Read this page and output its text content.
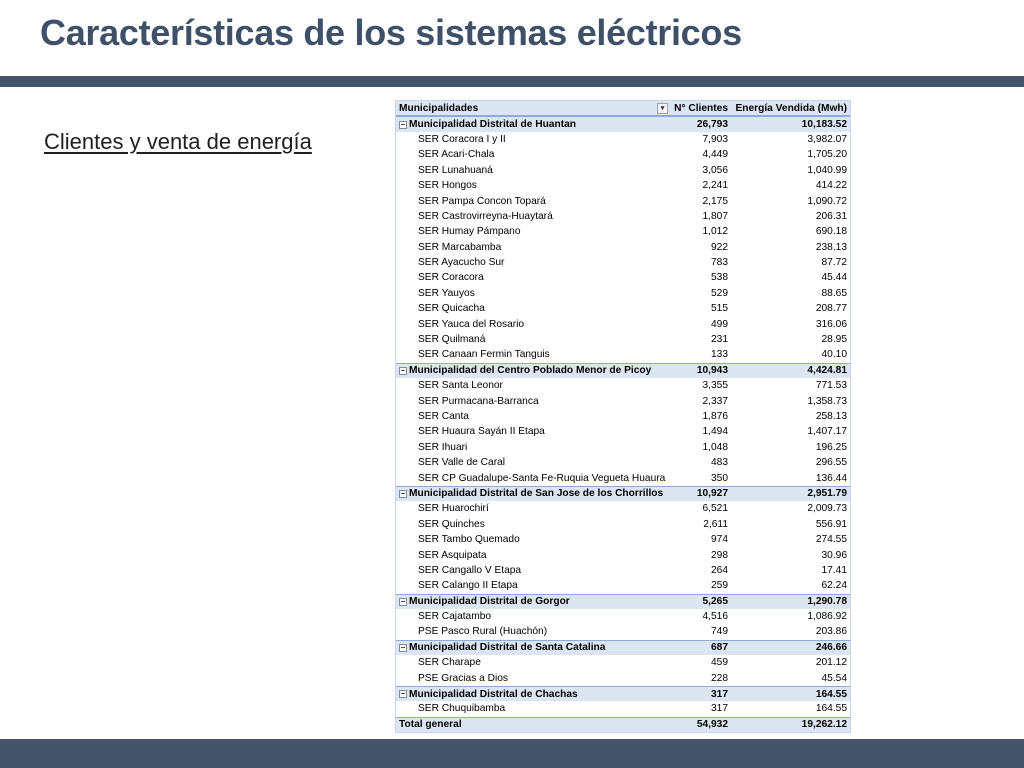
Características de los sistemas eléctricos
Clientes y venta de energía
Municipalidades	▾ N° Clientes Energía Vendida (Mwh)
− Municipalidad Distrital de Huantan	26,793	10,183.52
SER Coracora I y II	7,903	3,982.07
SER Acari-Chala	4,449	1,705.20
SER Lunahuaná	3,056	1,040.99
SER Hongos	2,241	414.22
SER Pampa Concon Topará	2,175	1,090.72
SER Castrovirreyna-Huaytará	1,807	206.31
SER Humay Pámpano	1,012	690.18
SER Marcabamba	922	238.13
SER Ayacucho Sur	783	87.72
SER Coracora	538	45.44
SER Yauyos	529	88.65
SER Quicacha	515	208.77
SER Yauca del Rosario	499	316.06
SER Quilmaná	231	28.95
SER Canaan Fermin Tanguis	133	40.10
− Municipalidad del Centro Poblado Menor de Picoy	10,943	4,424.81
SER Santa Leonor	3,355	771.53
SER Purmacana-Barranca	2,337	1,358.73
SER Canta	1,876	258.13
SER Huaura Sayán II Etapa	1,494	1,407.17
SER Ihuari	1,048	196.25
SER Valle de Caral	483	296.55
SER CP Guadalupe-Santa Fe-Ruquia Vegueta Huaura	350	136.44
− Municipalidad Distrital de San Jose de los Chorrillos	10,927	2,951.79
SER Huarochirí	6,521	2,009.73
SER Quinches	2,611	556.91
SER Tambo Quemado	974	274.55
SER Asquipata	298	30.96
SER Cangallo V Etapa	264	17.41
SER Calango II Etapa	259	62.24
− Municipalidad Distrital de Gorgor	5,265	1,290.78
SER Cajatambo	4,516	1,086.92
PSE Pasco Rural (Huachón)	749	203.86
− Municipalidad Distrital de Santa Catalina	687	246.66
SER Charape	459	201.12
PSE Gracias a Dios	228	45.54
− Municipalidad Distrital de Chachas	317	164.55
SER Chuquibamba	317	164.55
Total general	54,932	19,262.12
